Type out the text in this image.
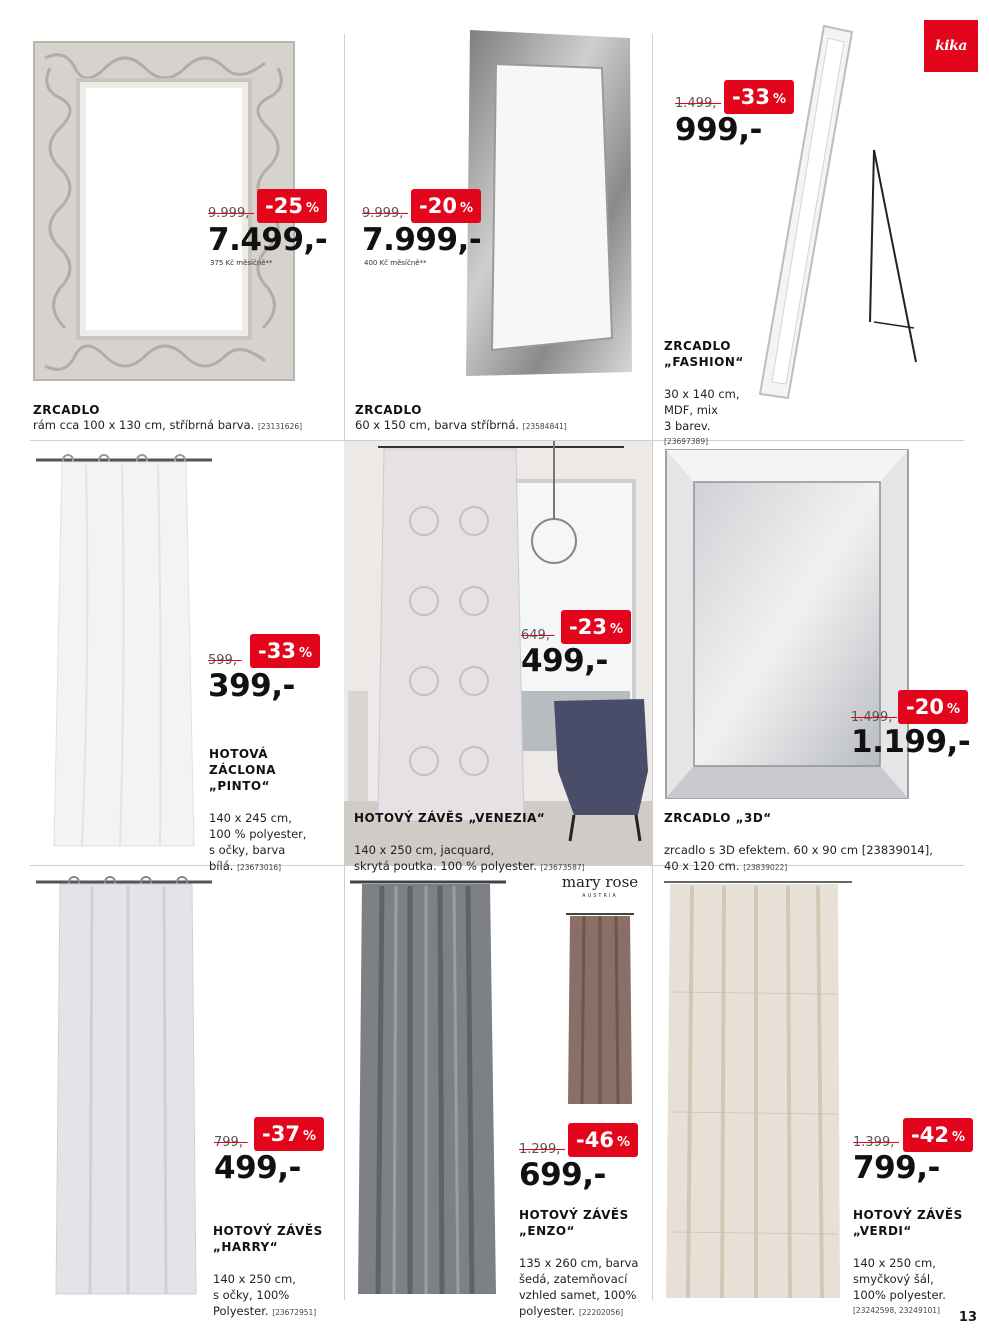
kika
9.999,- -25 %
7.499,-
375 Kč měsíčně**
ZRCADLO
rám cca 100 x 130 cm, stříbrná barva. [23131626]
9.999,- -20 %
7.999,-
400 Kč měsíčně**
ZRCADLO
60 x 150 cm, barva stříbrná. [23584841]
1.499,- -33 %
999,-
ZRCADLO
„FASHION“

30 x 140 cm,
MDF, mix
3 barev.

[23697389]

599,- -33 %
399,-
HOTOVÁ
ZÁCLONA
„PINTO“

140 x 245 cm,
100 % polyester,
s očky, barva
bílá. [23673016]

649,- -23 %
499,-
HOTOVÝ ZÁVĚS „VENEZIA“

140 x 250 cm, jacquard,
skrytá poutka. 100 % polyester. [23673587]

1.499,- -20 %
1.199,-
ZRCADLO „3D“

zrcadlo s 3D efektem. 60 x 90 cm [23839014],
40 x 120 cm. [23839022]

799,- -37 %
499,-
HOTOVÝ ZÁVĚS
„HARRY“

140 x 250 cm,
s očky, 100%
Polyester. [23672951]

mary rose
AUSTRIA
1.299,- -46 %
699,-
HOTOVÝ ZÁVĚS
„ENZO“

135 x 260 cm, barva
šedá, zatemňovací
vzhled samet, 100%
polyester. [22202056]

1.399,- -42 %
799,-
HOTOVÝ ZÁVĚS
„VERDI“

140 x 250 cm,
smyčkový šál,
100% polyester.

[23242598, 23249101]	13
